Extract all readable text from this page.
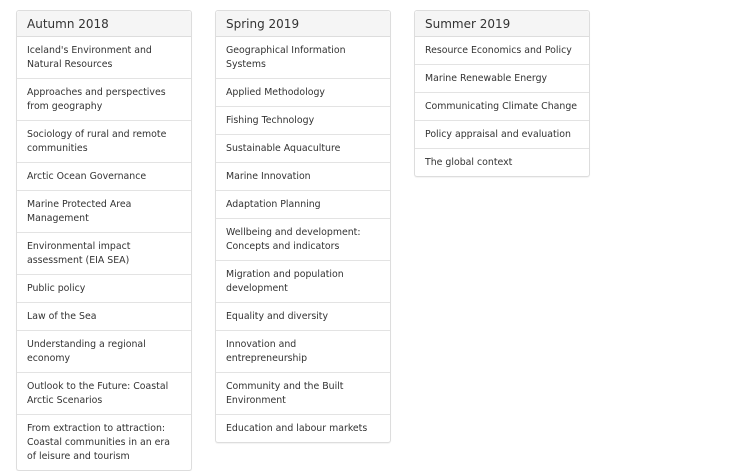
Autumn 2018
Iceland's Environment and Natural Resources
Approaches and perspectives from geography
Sociology of rural and remote communities
Arctic Ocean Governance
Marine Protected Area Management
Environmental impact assessment (EIA SEA)
Public policy
Law of the Sea
Understanding a regional economy
Outlook to the Future: Coastal Arctic Scenarios
From extraction to attraction: Coastal communities in an era of leisure and tourism
Spring 2019
Geographical Information Systems
Applied Methodology
Fishing Technology
Sustainable Aquaculture
Marine Innovation
Adaptation Planning
Wellbeing and development: Concepts and indicators
Migration and population development
Equality and diversity
Innovation and entrepreneurship
Community and the Built Environment
Education and labour markets
Summer 2019
Resource Economics and Policy
Marine Renewable Energy
Communicating Climate Change
Policy appraisal and evaluation
The global context
